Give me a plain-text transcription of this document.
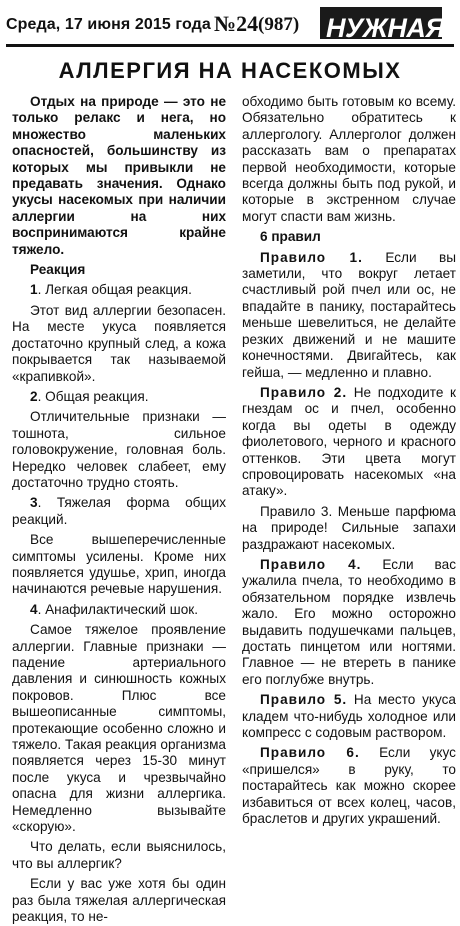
Среда, 17 июня 2015 года №24 (987) НУЖНАЯ
АЛЛЕРГИЯ НА НАСЕКОМЫХ

Отдых на природе — это не только релакс и нега, но множество маленьких опасностей, большинству из которых мы привыкли не предавать значения. Однако укусы насекомых при наличии аллергии на них воспринимаются крайне тяжело.

Реакция

1. Легкая общая реакция.

Этот вид аллергии безопасен. На месте укуса появляется достаточно крупный след, а кожа покрывается так называемой «крапивкой».

2. Общая реакция.

Отличительные признаки — тошнота, сильное головокружение, головная боль. Нередко человек слабеет, ему достаточно трудно стоять.

3. Тяжелая форма общих реакций.

Все вышеперечисленные симптомы усилены. Кроме них появляется удушье, хрип, иногда начинаются речевые нарушения.

4. Анафилактический шок.

Самое тяжелое проявление аллергии. Главные признаки — падение артериального давления и синюшность кожных покровов. Плюс все вышеописанные симптомы, протекающие особенно сложно и тяжело. Такая реакция организма появляется через 15-30 минут после укуса и чрезвычайно опасна для жизни аллергика. Немедленно вызывайте «скорую».

Что делать, если выяснилось, что вы аллергик?

Если у вас уже хотя бы один раз была тяжелая аллергическая реакция, то не-

обходимо быть готовым ко всему. Обязательно обратитесь к аллергологу. Аллерголог должен рассказать вам о препаратах первой необходимости, которые всегда должны быть под рукой, и которые в экстренном случае могут спасти вам жизнь.

6 правил

Правило 1. Если вы заметили, что вокруг летает счастливый рой пчел или ос, не впадайте в панику, постарайтесь меньше шевелиться, не делайте резких движений и не машите конечностями. Двигайтесь, как гейша, — медленно и плавно.

Правило 2. Не подходите к гнездам ос и пчел, особенно когда вы одеты в одежду фиолетового, черного и красного оттенков. Эти цвета могут спровоцировать насекомых «на атаку».

Правило 3. Меньше парфюма на природе! Сильные запахи раздражают насекомых.

Правило 4. Если вас ужалила пчела, то необходимо в обязательном порядке извлечь жало. Его можно осторожно выдавить подушечками пальцев, достать пинцетом или ногтями. Главное — не втереть в панике его поглубже внутрь.

Правило 5. На место укуса кладем что-нибудь холодное или компресс с содовым раствором.

Правило 6. Если укус «пришелся» в руку, то постарайтесь как можно скорее избавиться от всех колец, часов, браслетов и других украшений.
